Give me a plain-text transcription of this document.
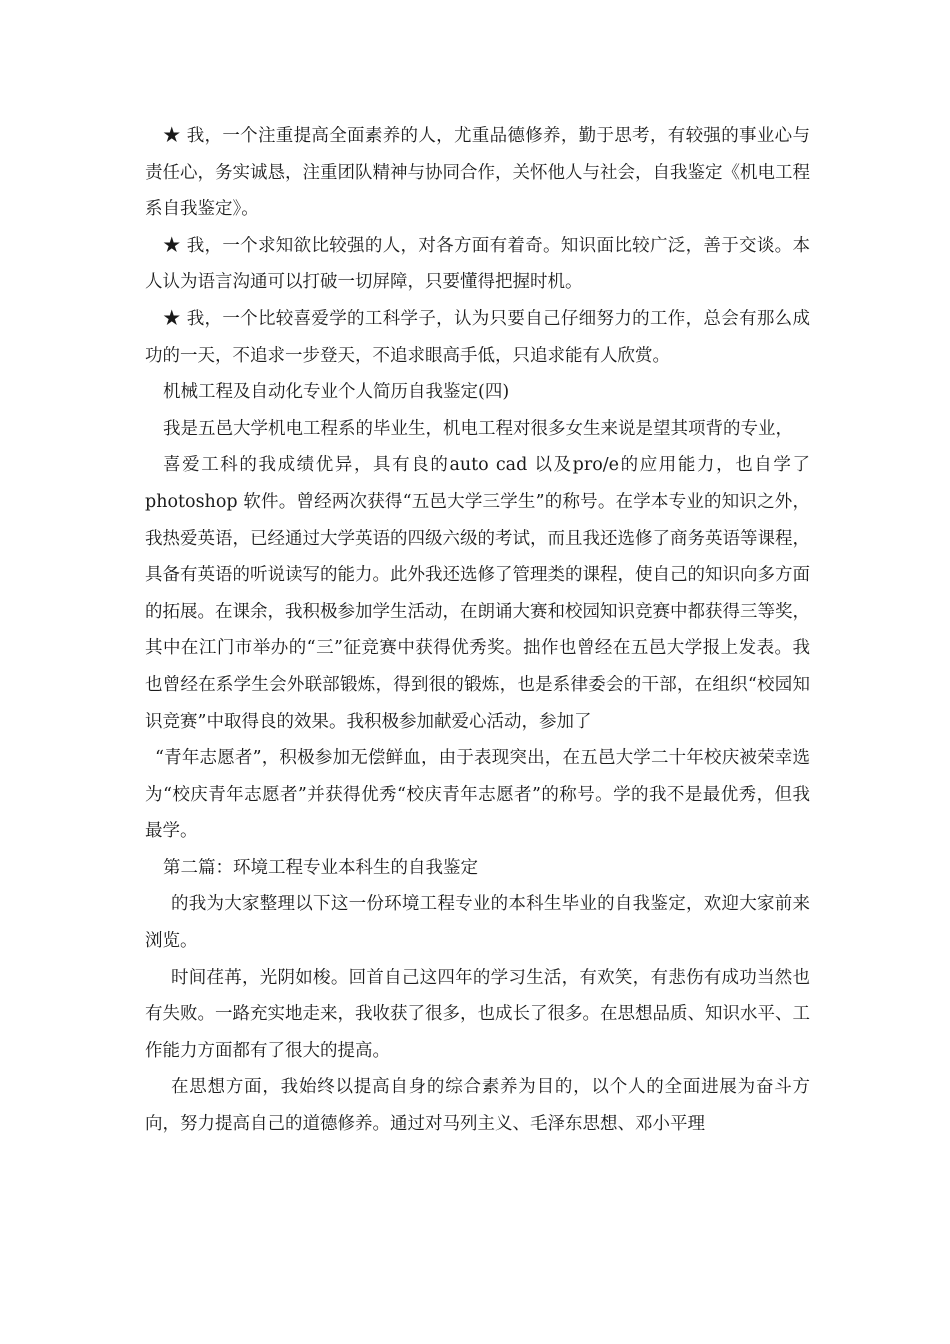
★ 我，一个注重提高全面素养的人，尤重品德修养，勤于思考，有较强的事业心与责任心，务实诚恳，注重团队精神与协同合作，关怀他人与社会，自我鉴定《机电工程系自我鉴定》。

★ 我，一个求知欲比较强的人，对各方面有着奇。知识面比较广泛，善于交谈。本人认为语言沟通可以打破一切屏障，只要懂得把握时机。

★ 我，一个比较喜爱学的工科学子，认为只要自己仔细努力的工作，总会有那么成功的一天，不追求一步登天，不追求眼高手低，只追求能有人欣赏。

机械工程及自动化专业个人简历自我鉴定(四)

我是五邑大学机电工程系的毕业生，机电工程对很多女生来说是望其项背的专业，

喜爱工科的我成绩优异，具有良的auto cad 以及pro/e的应用能力，也自学了photoshop 软件。曾经两次获得“五邑大学三学生”的称号。在学本专业的知识之外，我热爱英语，已经通过大学英语的四级六级的考试，而且我还选修了商务英语等课程，具备有英语的听说读写的能力。此外我还选修了管理类的课程，使自己的知识向多方面的拓展。在课余，我积极参加学生活动，在朗诵大赛和校园知识竞赛中都获得三等奖，其中在江门市举办的“三”征竞赛中获得优秀奖。拙作也曾经在五邑大学报上发表。我也曾经在系学生会外联部锻炼，得到很的锻炼，也是系律委会的干部，在组织“校园知识竞赛”中取得良的效果。我积极参加献爱心活动，参加了

“青年志愿者”，积极参加无偿鲜血，由于表现突出，在五邑大学二十年校庆被荣幸选为“校庆青年志愿者”并获得优秀“校庆青年志愿者”的称号。学的我不是最优秀，但我最学。

第二篇：环境工程专业本科生的自我鉴定

的我为大家整理以下这一份环境工程专业的本科生毕业的自我鉴定，欢迎大家前来浏览。

时间荏苒，光阴如梭。回首自己这四年的学习生活，有欢笑，有悲伤有成功当然也有失败。一路充实地走来，我收获了很多，也成长了很多。在思想品质、知识水平、工作能力方面都有了很大的提高。

在思想方面，我始终以提高自身的综合素养为目的，以个人的全面进展为奋斗方向，努力提高自己的道德修养。通过对马列主义、毛泽东思想、邓小平理
